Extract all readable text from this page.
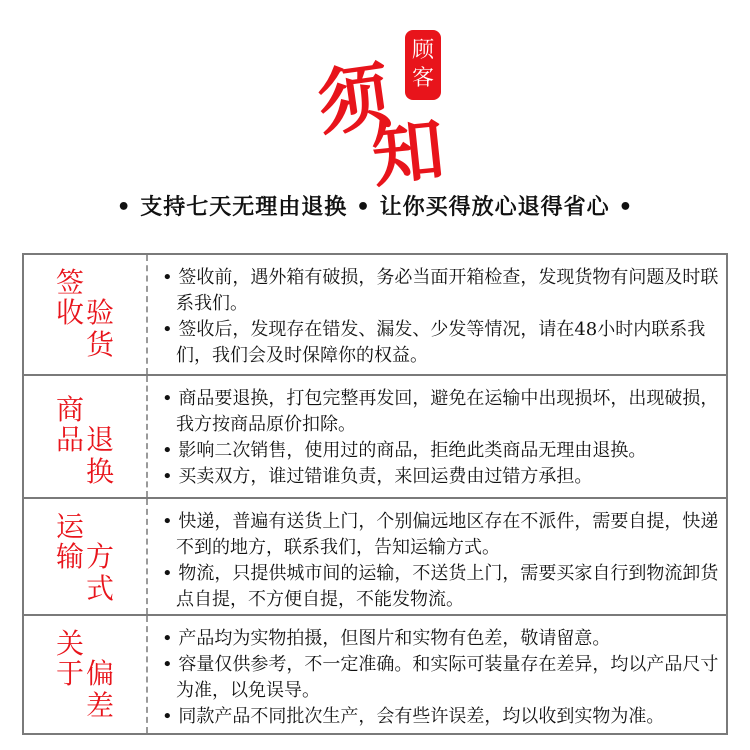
顾
客
须
知
• 支持七天无理由退换 • 让你买得放心退得省心 •
签
收 验
货

• 签收前，遇外箱有破损，务必当面开箱检查，发现货物有问题及时联系我们。

• 签收后，发现存在错发、漏发、少发等情况，请在48小时内联系我们，我们会及时保障你的权益。

商
品 退
换

• 商品要退换，打包完整再发回，避免在运输中出现损坏，出现破损，我方按商品原价扣除。

• 影响二次销售，使用过的商品，拒绝此类商品无理由退换。

• 买卖双方，谁过错谁负责，来回运费由过错方承担。

运
输 方
式

• 快递，普遍有送货上门，个别偏远地区存在不派件，需要自提，快递不到的地方，联系我们，告知运输方式。

• 物流，只提供城市间的运输，不送货上门，需要买家自行到物流卸货点自提，不方便自提，不能发物流。

关
于 偏
差

• 产品均为实物拍摄，但图片和实物有色差，敬请留意。

• 容量仅供参考，不一定准确。和实际可装量存在差异，均以产品尺寸为准，以免误导。

• 同款产品不同批次生产，会有些许误差，均以收到实物为准。
